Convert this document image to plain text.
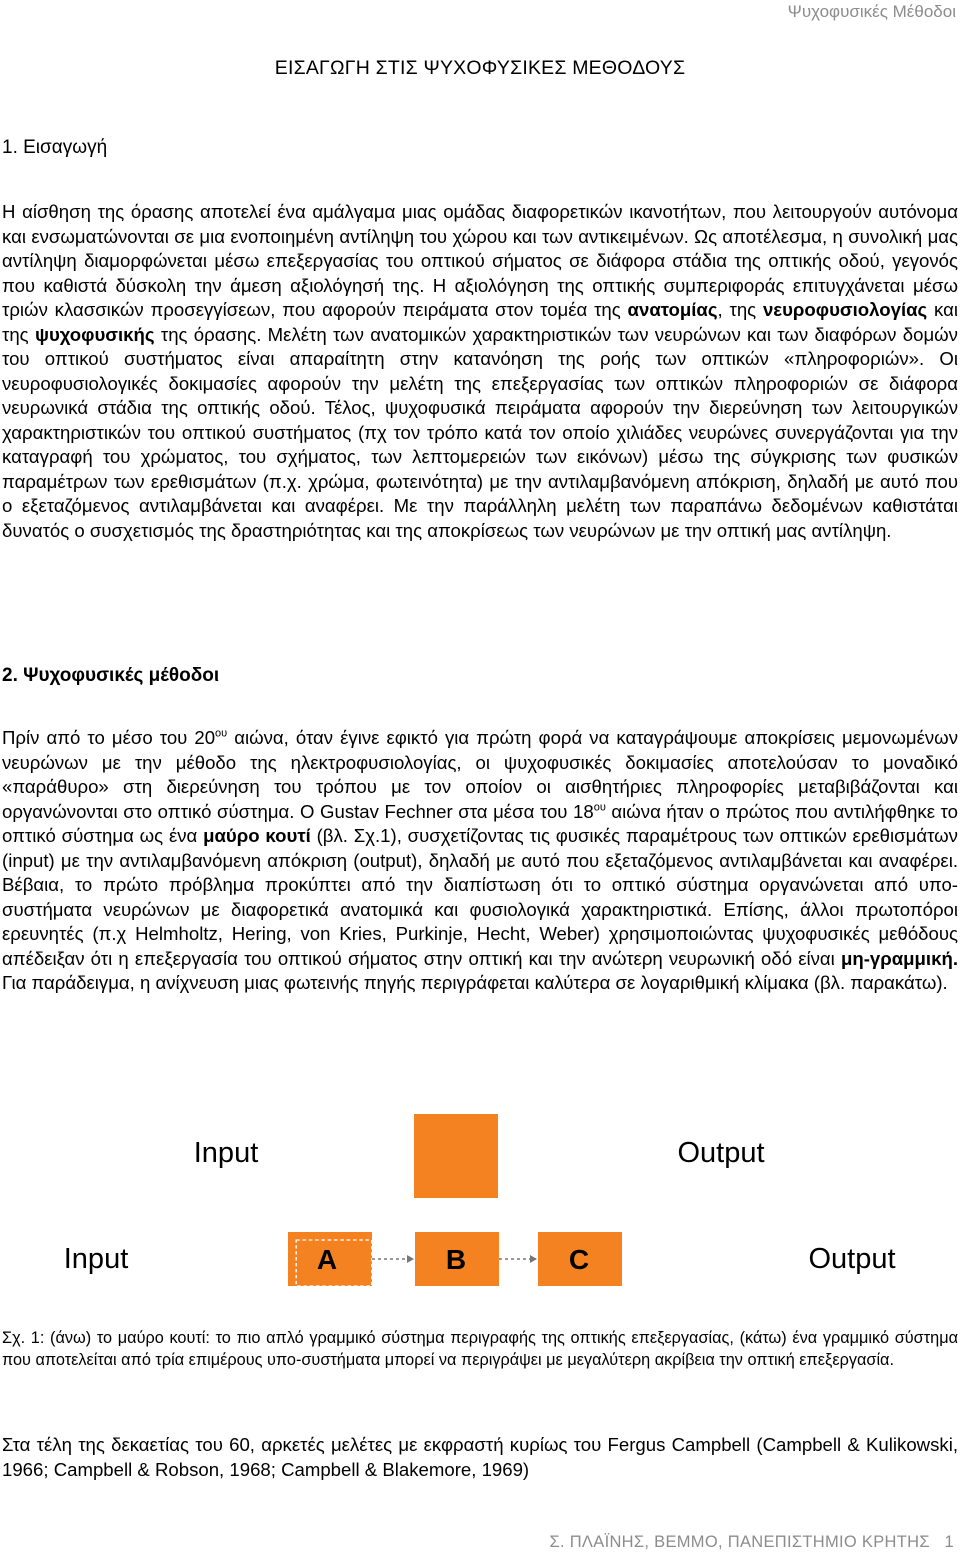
Ψυχοφυσικές Μέθοδοι
ΕΙΣΑΓΩΓΗ ΣΤΙΣ ΨΥΧΟΦΥΣΙΚΕΣ ΜΕΘΟΔΟΥΣ
1. Εισαγωγή
Η αίσθηση της όρασης αποτελεί ένα αμάλγαμα μιας ομάδας διαφορετικών ικανοτήτων, που λειτουργούν αυτόνομα και ενσωματώνονται σε μια ενοποιημένη αντίληψη του χώρου και των αντικειμένων. Ως αποτέλεσμα, η συνολική μας αντίληψη διαμορφώνεται μέσω επεξεργασίας του οπτικού σήματος σε διάφορα στάδια της οπτικής οδού, γεγονός που καθιστά δύσκολη την άμεση αξιολόγησή της. Η αξιολόγηση της οπτικής συμπεριφοράς επιτυγχάνεται μέσω τριών κλασσικών προσεγγίσεων, που αφορούν πειράματα στον τομέα της ανατομίας, της νευροφυσιολογίας και της ψυχοφυσικής της όρασης. Μελέτη των ανατομικών χαρακτηριστικών των νευρώνων και των διαφόρων δομών του οπτικού συστήματος είναι απαραίτητη στην κατανόηση της ροής των οπτικών «πληροφοριών». Οι νευροφυσιολογικές δοκιμασίες αφορούν την μελέτη της επεξεργασίας των οπτικών πληροφοριών σε διάφορα νευρωνικά στάδια της οπτικής οδού. Τέλος, ψυχοφυσικά πειράματα αφορούν την διερεύνηση των λειτουργικών χαρακτηριστικών του οπτικού συστήματος (πχ τον τρόπο κατά τον οποίο χιλιάδες νευρώνες συνεργάζονται για την καταγραφή του χρώματος, του σχήματος, των λεπτομερειών των εικόνων) μέσω της σύγκρισης των φυσικών παραμέτρων των ερεθισμάτων (π.χ. χρώμα, φωτεινότητα) με την αντιλαμβανόμενη απόκριση, δηλαδή με αυτό που ο εξεταζόμενος αντιλαμβάνεται και αναφέρει. Με την παράλληλη μελέτη των παραπάνω δεδομένων καθιστάται δυνατός ο συσχετισμός της δραστηριότητας και της αποκρίσεως των νευρώνων με την οπτική μας αντίληψη.
2. Ψυχοφυσικές μέθοδοι
Πρίν από το μέσο του $20^{o\upsilon}$ αιώνα, όταν έγινε εφικτό για πρώτη φορά να καταγράψουμε αποκρίσεις μεμονωμένων νευρώνων με την μέθοδο της ηλεκτροφυσιολογίας, οι ψυχοφυσικές δοκιμασίες αποτελούσαν το μοναδικό «παράθυρο» στη διερεύνηση του τρόπου με τον οποίον οι αισθητήριες πληροφορίες μεταβιβάζονται και οργανώνονται στο οπτικό σύστημα. Ο Gustav Fechner στα μέσα του $18^{o\upsilon}$ αιώνα ήταν ο πρώτος που αντιλήφθηκε το οπτικό σύστημα ως ένα μαύρο κουτί (βλ. Σχ.1), συσχετίζοντας τις φυσικές παραμέτρους των οπτικών ερεθισμάτων (input) με την αντιλαμβανόμενη απόκριση (output), δηλαδή με αυτό που εξεταζόμενος αντιλαμβάνεται και αναφέρει. Βέβαια, το πρώτο πρόβλημα προκύπτει από την διαπίστωση ότι το οπτικό σύστημα οργανώνεται από υπο-συστήματα νευρώνων με διαφορετικά ανατομικά και φυσιολογικά χαρακτηριστικά. Επίσης, άλλοι πρωτοπόροι ερευνητές (π.χ Helmholtz, Hering, von Kries, Purkinje, Hecht, Weber) χρησιμοποιώντας ψυχοφυσικές μεθόδους απέδειξαν ότι η επεξεργασία του οπτικού σήματος στην οπτική και την ανώτερη νευρωνική οδό είναι μη-γραμμική. Για παράδειγμα, η ανίχνευση μιας φωτεινής πηγής περιγράφεται καλύτερα σε λογαριθμική κλίμακα (βλ. παρακάτω).
Input	Output
Input	A	B	C	Output
Σχ. 1: (άνω) το μαύρο κουτί: το πιο απλό γραμμικό σύστημα περιγραφής της οπτικής επεξεργασίας, (κάτω) ένα γραμμικό σύστημα που αποτελείται από τρία επιμέρους υπο-συστήματα μπορεί να περιγράψει με μεγαλύτερη ακρίβεια την οπτική επεξεργασία.
Στα τέλη της δεκαετίας του 60, αρκετές μελέτες με εκφραστή κυρίως του Fergus Campbell (Campbell & Kulikowski, 1966; Campbell & Robson, 1968; Campbell & Blakemore, 1969)
Σ. ΠΛΑΪΝΗΣ, ΒΕΜΜΟ, ΠΑΝΕΠΙΣΤΗΜΙΟ ΚΡΗΤΗΣ 1
